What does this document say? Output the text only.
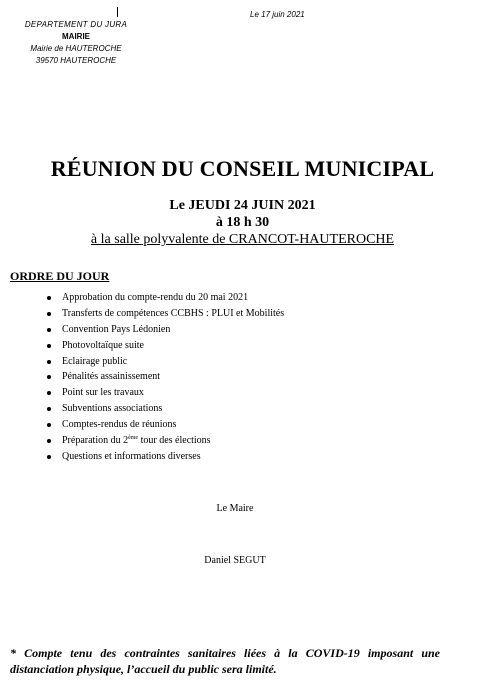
DEPARTEMENT DU JURA
MAIRIE
Mairie de HAUTEROCHE
39570 HAUTEROCHE
Le 17 juin 2021
RÉUNION DU CONSEIL MUNICIPAL
Le JEUDI 24 JUIN 2021
à 18 h 30
à la salle polyvalente de CRANCOT-HAUTEROCHE
ORDRE DU JOUR
Approbation du compte-rendu du 20 mai 2021
Transferts de compétences CCBHS : PLUI et Mobilités
Convention Pays Lédonien
Photovoltaïque suite
Eclairage public
Pénalités assainissement
Point sur les travaux
Subventions associations
Comptes-rendus de réunions
Préparation du 2ème tour des élections
Questions et informations diverses
Le Maire
Daniel SEGUT
* Compte tenu des contraintes sanitaires liées à la COVID-19 imposant une distanciation physique, l’accueil du public sera limité.
